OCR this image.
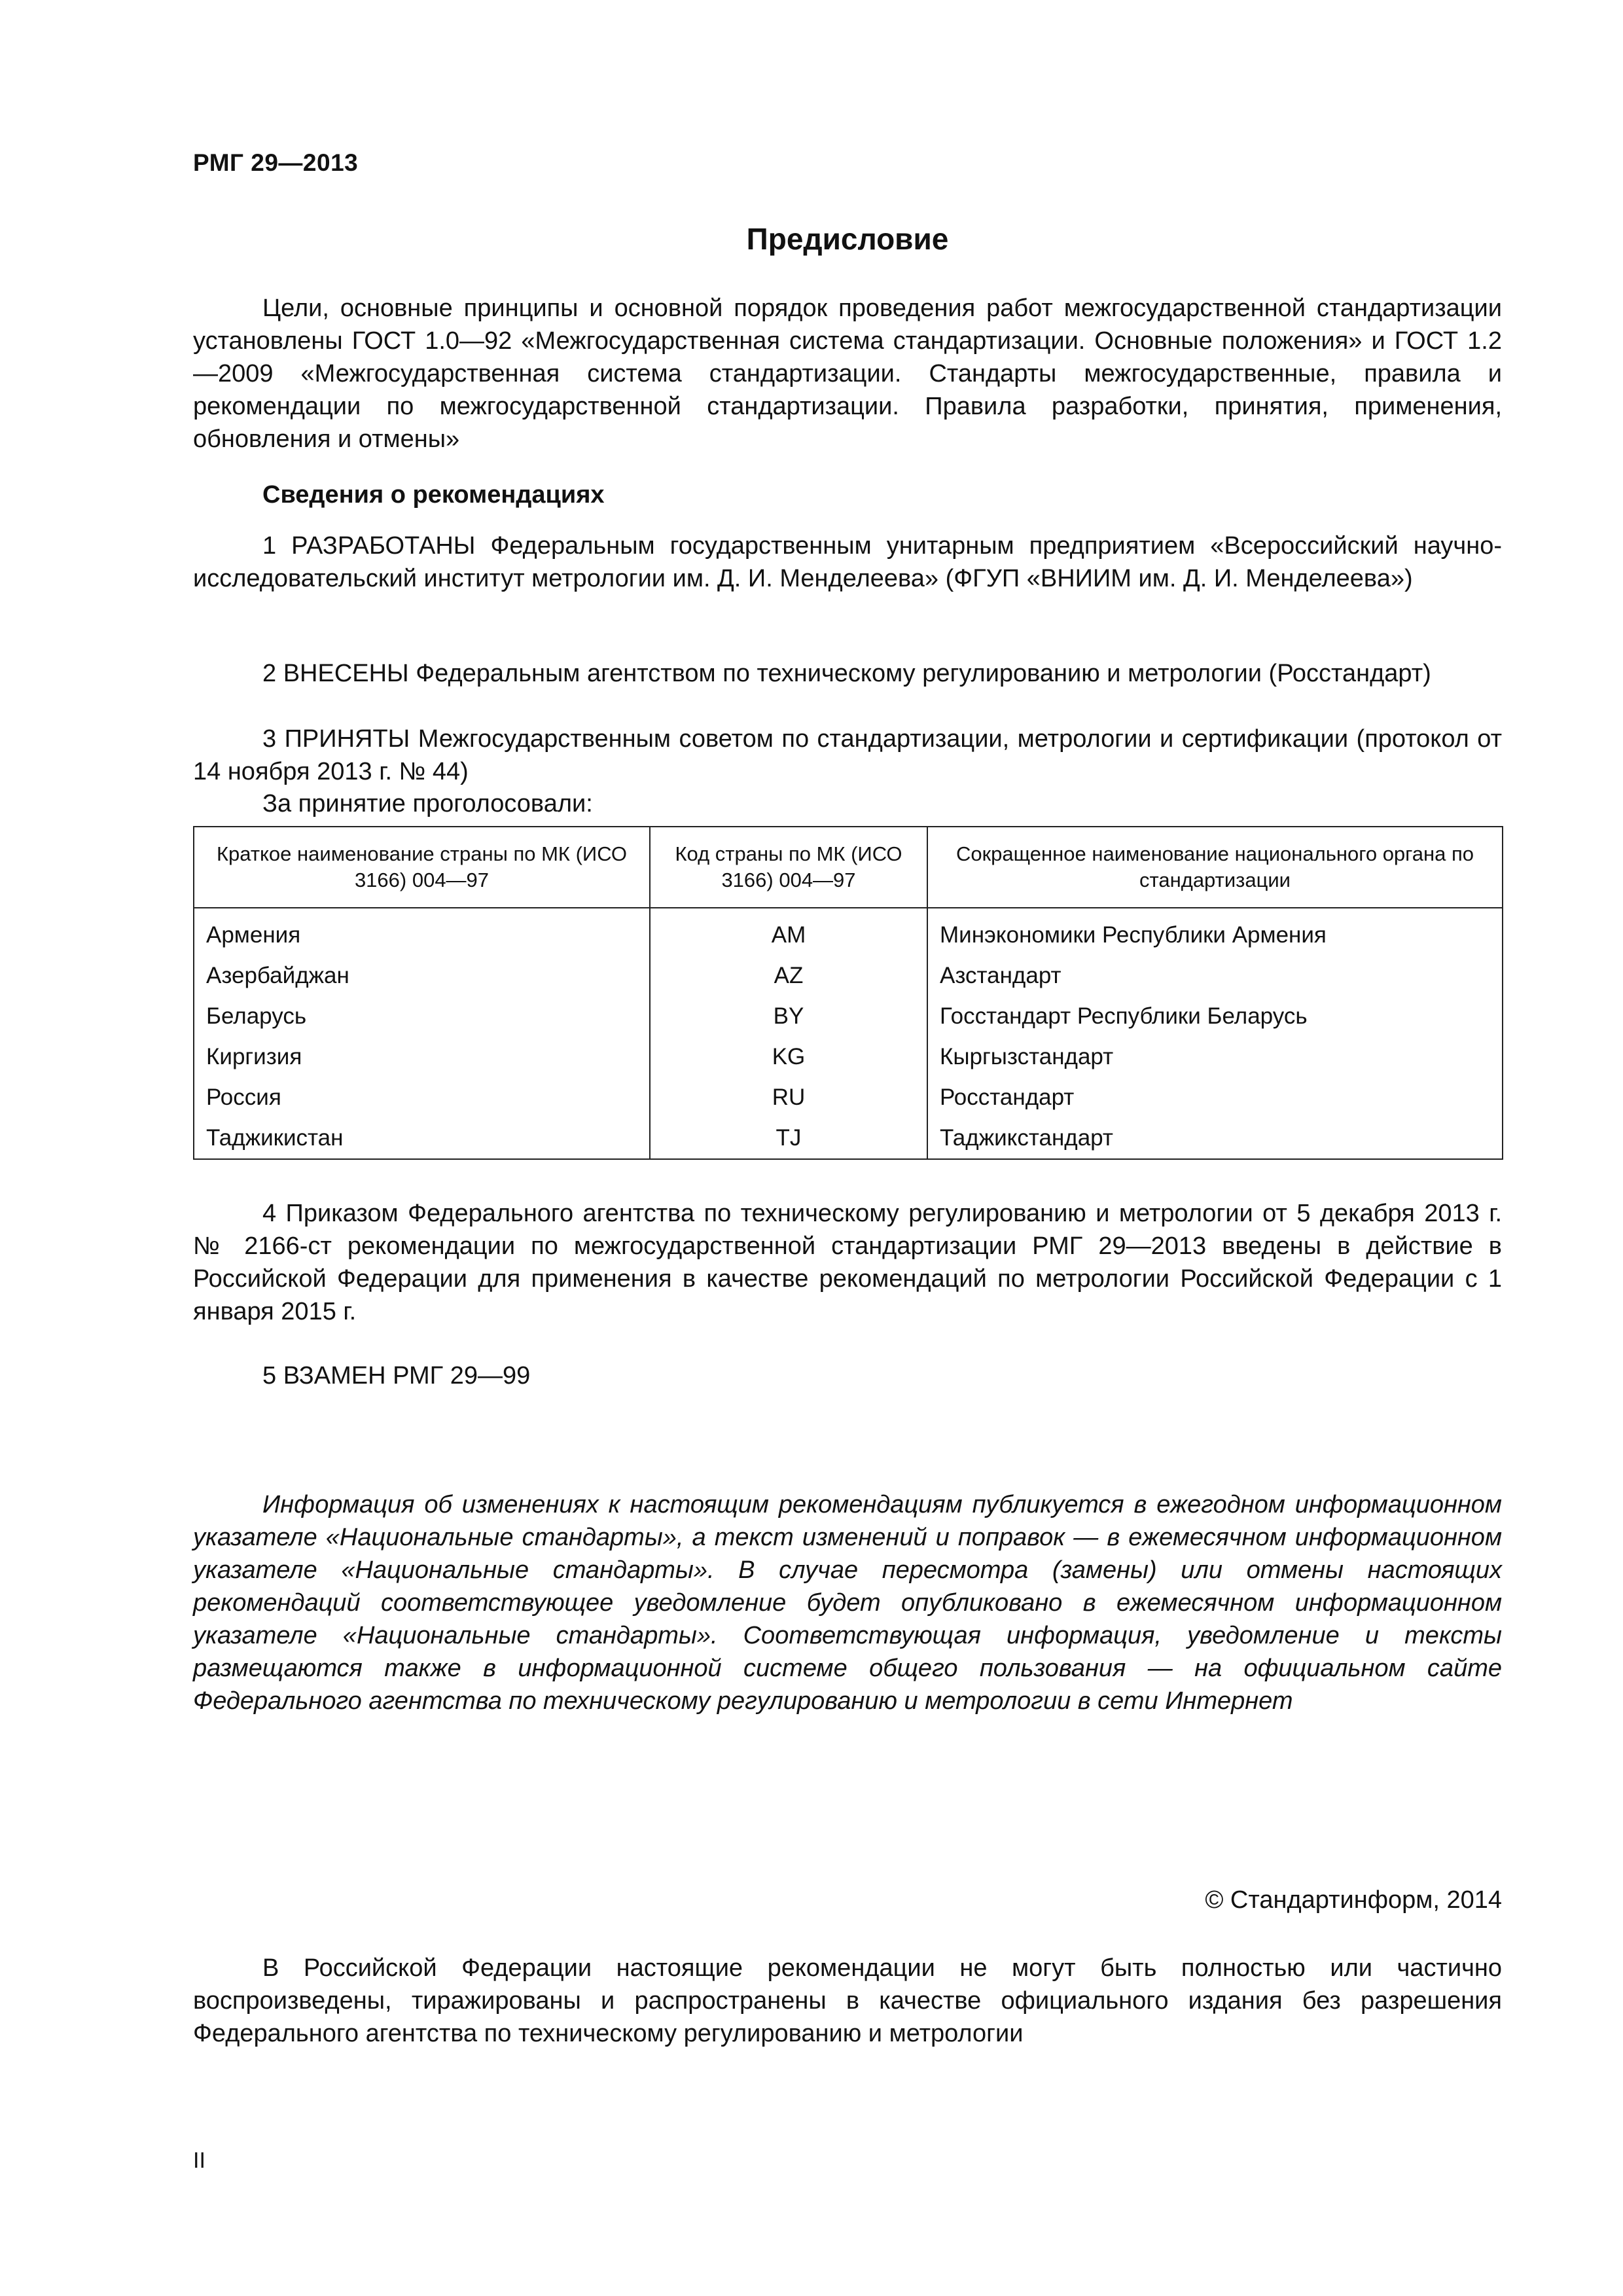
РМГ 29—2013
Предисловие

Цели, основные принципы и основной порядок проведения работ межгосударственной стандартизации установлены ГОСТ 1.0—92 «Межгосударственная система стандартизации. Основные положения» и ГОСТ 1.2—2009 «Межгосударственная система стандартизации. Стандарты межгосударственные, правила и рекомендации по межгосударственной стандартизации. Правила разработки, принятия, применения, обновления и отмены»

Сведения о рекомендациях

1 РАЗРАБОТАНЫ Федеральным государственным унитарным предприятием «Всероссийский научно-исследовательский институт метрологии им. Д. И. Менделеева» (ФГУП «ВНИИМ им. Д. И. Менделеева»)

2 ВНЕСЕНЫ Федеральным агентством по техническому регулированию и метрологии (Росстандарт)

3 ПРИНЯТЫ Межгосударственным советом по стандартизации, метрологии и сертификации (протокол от 14 ноября 2013 г. № 44)

За принятие проголосовали:

Краткое наименование страны по МК (ИСО 3166) 004—97	Код страны по МК (ИСО 3166) 004—97	Сокращенное наименование национального органа по стандартизации
Армения	AM	Минэкономики Республики Армения
Азербайджан	AZ	Азстандарт
Беларусь	BY	Госстандарт Республики Беларусь
Киргизия	KG	Кыргызстандарт
Россия	RU	Росстандарт
Таджикистан	TJ	Таджикстандарт

4 Приказом Федерального агентства по техническому регулированию и метрологии от 5 декабря 2013 г. № 2166-ст рекомендации по межгосударственной стандартизации РМГ 29—2013 введены в действие в Российской Федерации для применения в качестве рекомендаций по метрологии Российской Федерации с 1 января 2015 г.

5 ВЗАМЕН РМГ 29—99

Информация об изменениях к настоящим рекомендациям публикуется в ежегодном информационном указателе «Национальные стандарты», а текст изменений и поправок — в ежемесячном информационном указателе «Национальные стандарты». В случае пересмотра (замены) или отмены настоящих рекомендаций соответствующее уведомление будет опубликовано в ежемесячном информационном указателе «Национальные стандарты». Соответствующая информация, уведомление и тексты размещаются также в информационной системе общего пользования — на официальном сайте Федерального агентства по техническому регулированию и метрологии в сети Интернет

© Стандартинформ, 2014

В Российской Федерации настоящие рекомендации не могут быть полностью или частично воспроизведены, тиражированы и распространены в качестве официального издания без разрешения Федерального агентства по техническому регулированию и метрологии

II
